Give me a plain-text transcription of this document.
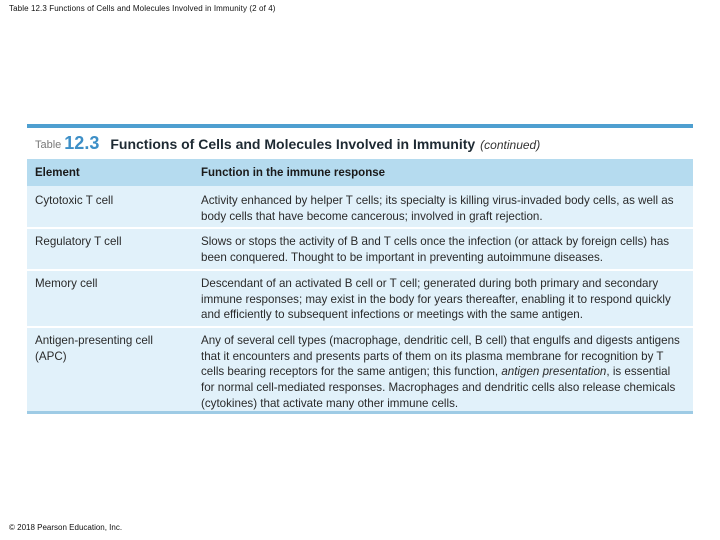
Table 12.3 Functions of Cells and Molecules Involved in Immunity (2 of 4)
Table 12.3 Functions of Cells and Molecules Involved in Immunity (continued)
Element	Function in the immune response
Cytotoxic T cell	Activity enhanced by helper T cells; its specialty is killing virus-invaded body cells, as well as body cells that have become cancerous; involved in graft rejection.
Regulatory T cell	Slows or stops the activity of B and T cells once the infection (or attack by foreign cells) has been conquered. Thought to be important in preventing autoimmune diseases.
Memory cell	Descendant of an activated B cell or T cell; generated during both primary and secondary immune responses; may exist in the body for years thereafter, enabling it to respond quickly and efficiently to subsequent infections or meetings with the same antigen.
Antigen-presenting cell (APC)	Any of several cell types (macrophage, dendritic cell, B cell) that engulfs and digests antigens that it encounters and presents parts of them on its plasma membrane for recognition by T cells bearing receptors for the same antigen; this function, antigen presentation, is essential for normal cell-mediated responses. Macrophages and dendritic cells also release chemicals (cytokines) that activate many other immune cells.
© 2018 Pearson Education, Inc.
